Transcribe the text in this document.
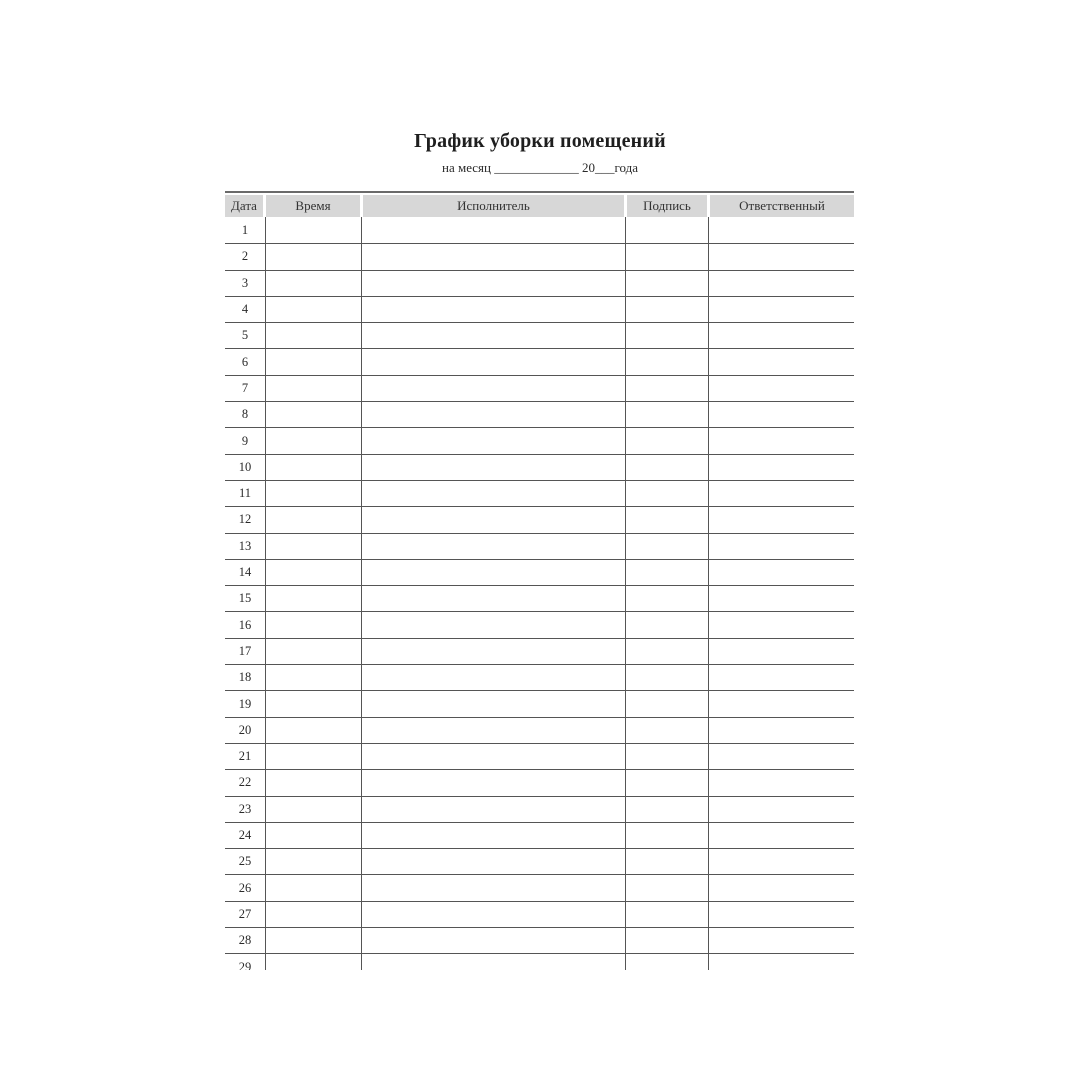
График уборки помещений
на месяц _____________ 20___года
Дата	Время	Исполнитель	Подпись	Ответственный
1
2
3
4
5
6
7
8
9
10
11
12
13
14
15
16
17
18
19
20
21
22
23
24
25
26
27
28
29
